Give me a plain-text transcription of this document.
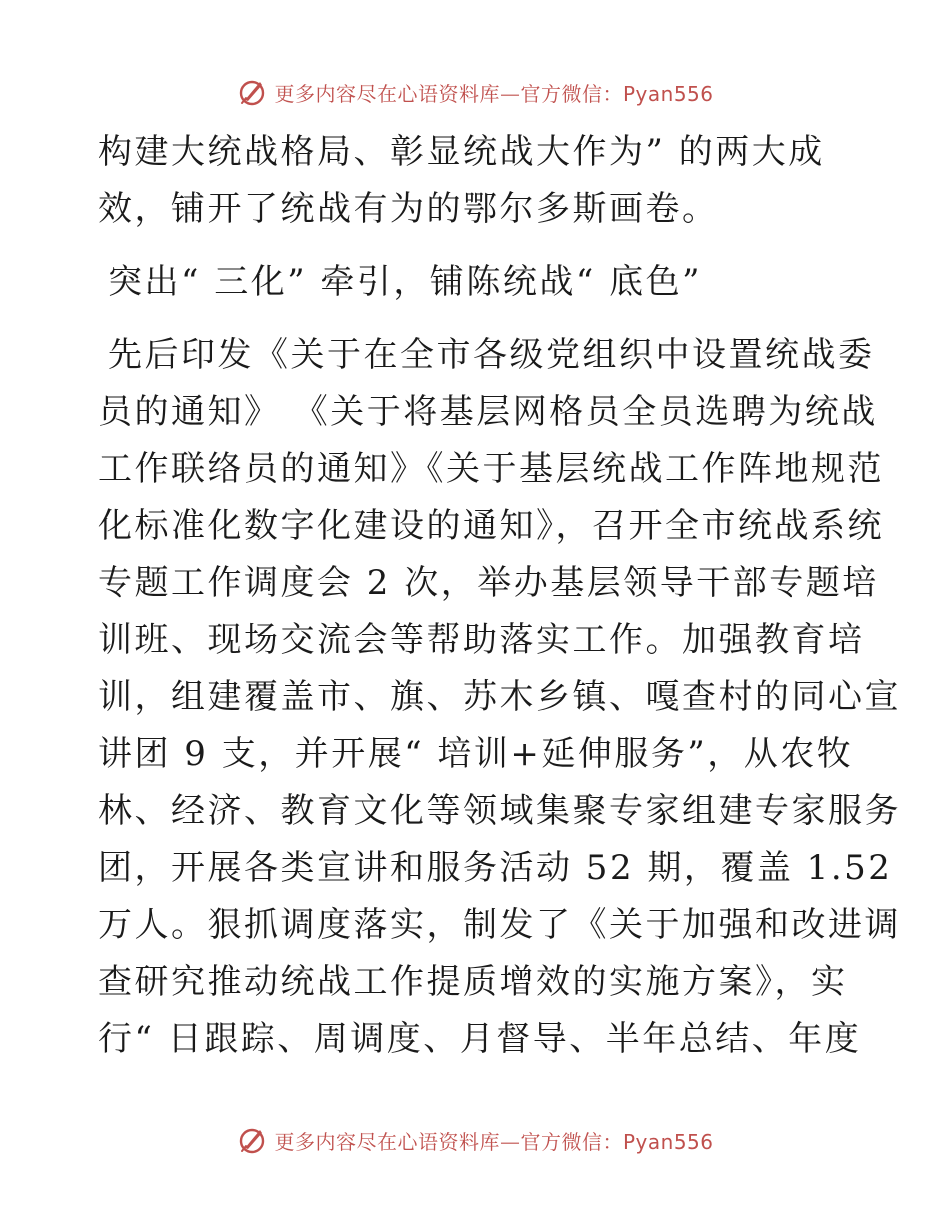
更多内容尽在心语资料库—官方微信：Pyan556
构建大统战格局、彰显统战大作为” 的两大成
效，铺开了统战有为的鄂尔多斯画卷。
突出“ 三化” 牵引，铺陈统战“ 底色”
先后印发《关于在全市各级党组织中设置统战委
员的通知》 《关于将基层网格员全员选聘为统战
工作联络员的通知》《关于基层统战工作阵地规范
化标准化数字化建设的通知》，召开全市统战系统
专题工作调度会 2 次，举办基层领导干部专题培
训班、现场交流会等帮助落实工作。加强教育培
训，组建覆盖市、旗、苏木乡镇、嘎查村的同心宣
讲团 9 支，并开展“ 培训+延伸服务”，从农牧
林、经济、教育文化等领域集聚专家组建专家服务
团，开展各类宣讲和服务活动 52 期，覆盖 1.52
万人。狠抓调度落实，制发了《关于加强和改进调
查研究推动统战工作提质增效的实施方案》，实
行“ 日跟踪、周调度、月督导、半年总结、年度
更多内容尽在心语资料库—官方微信：Pyan556
